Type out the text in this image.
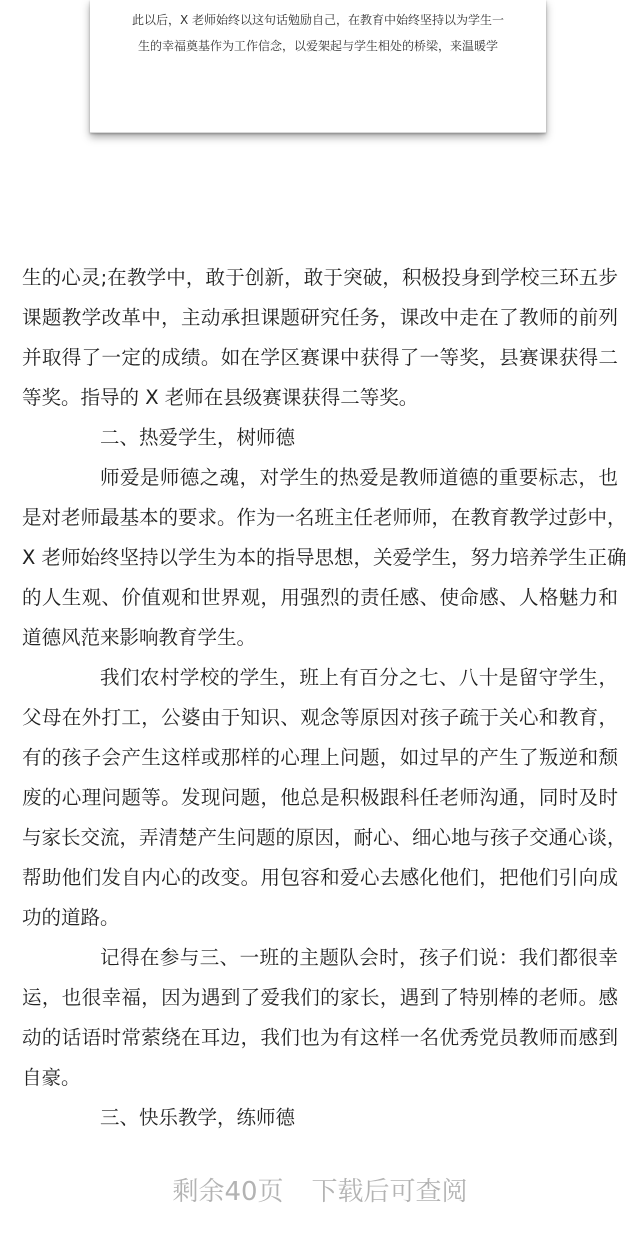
此以后，X 老师始终以这句话勉励自己，在教育中始终坚持以为学生一
生的幸福奠基作为工作信念，以爱架起与学生相处的桥梁，来温暖学
生的心灵;在教学中，敢于创新，敢于突破，积极投身到学校三环五步
课题教学改革中，主动承担课题研究任务，课改中走在了教师的前列
并取得了一定的成绩。如在学区赛课中获得了一等奖，县赛课获得二
等奖。指导的 X 老师在县级赛课获得二等奖。
二、热爱学生，树师德
师爱是师德之魂，对学生的热爱是教师道德的重要标志，也
是对老师最基本的要求。作为一名班主任老师师，在教育教学过彭中，
X 老师始终坚持以学生为本的指导思想，关爱学生，努力培养学生正确
的人生观、价值观和世界观，用强烈的责任感、使命感、人格魅力和
道德风范来影响教育学生。
我们农村学校的学生，班上有百分之七、八十是留守学生，
父母在外打工，公婆由于知识、观念等原因对孩子疏于关心和教育，
有的孩子会产生这样或那样的心理上问题，如过早的产生了叛逆和颓
废的心理问题等。发现问题，他总是积极跟科任老师沟通，同时及时
与家长交流，弄清楚产生问题的原因，耐心、细心地与孩子交通心谈，
帮助他们发自内心的改变。用包容和爱心去感化他们，把他们引向成
功的道路。
记得在参与三、一班的主题队会时，孩子们说：我们都很幸
运，也很幸福，因为遇到了爱我们的家长，遇到了特别棒的老师。感
动的话语时常萦绕在耳边，我们也为有这样一名优秀党员教师而感到
自豪。
三、快乐教学，练师德
剩余40页 下载后可查阅
